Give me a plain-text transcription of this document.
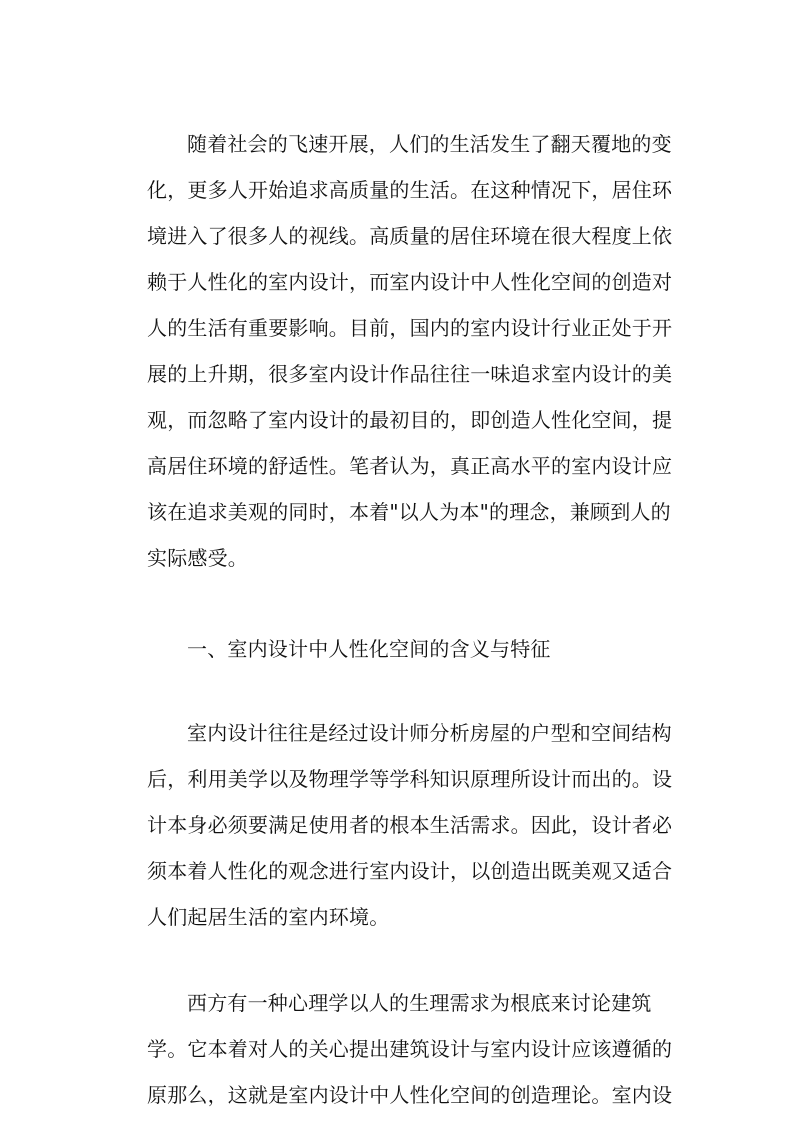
随着社会的飞速开展，人们的生活发生了翻天覆地的变
化，更多人开始追求高质量的生活。在这种情况下，居住环
境进入了很多人的视线。高质量的居住环境在很大程度上依
赖于人性化的室内设计，而室内设计中人性化空间的创造对
人的生活有重要影响。目前，国内的室内设计行业正处于开
展的上升期，很多室内设计作品往往一味追求室内设计的美
观，而忽略了室内设计的最初目的，即创造人性化空间，提
高居住环境的舒适性。笔者认为，真正高水平的室内设计应
该在追求美观的同时，本着"以人为本"的理念，兼顾到人的
实际感受。
一、室内设计中人性化空间的含义与特征
室内设计往往是经过设计师分析房屋的户型和空间结构
后，利用美学以及物理学等学科知识原理所设计而出的。设
计本身必须要满足使用者的根本生活需求。因此，设计者必
须本着人性化的观念进行室内设计，以创造出既美观又适合
人们起居生活的室内环境。
西方有一种心理学以人的生理需求为根底来讨论建筑
学。它本着对人的关心提出建筑设计与室内设计应该遵循的
原那么，这就是室内设计中人性化空间的创造理论。室内设
